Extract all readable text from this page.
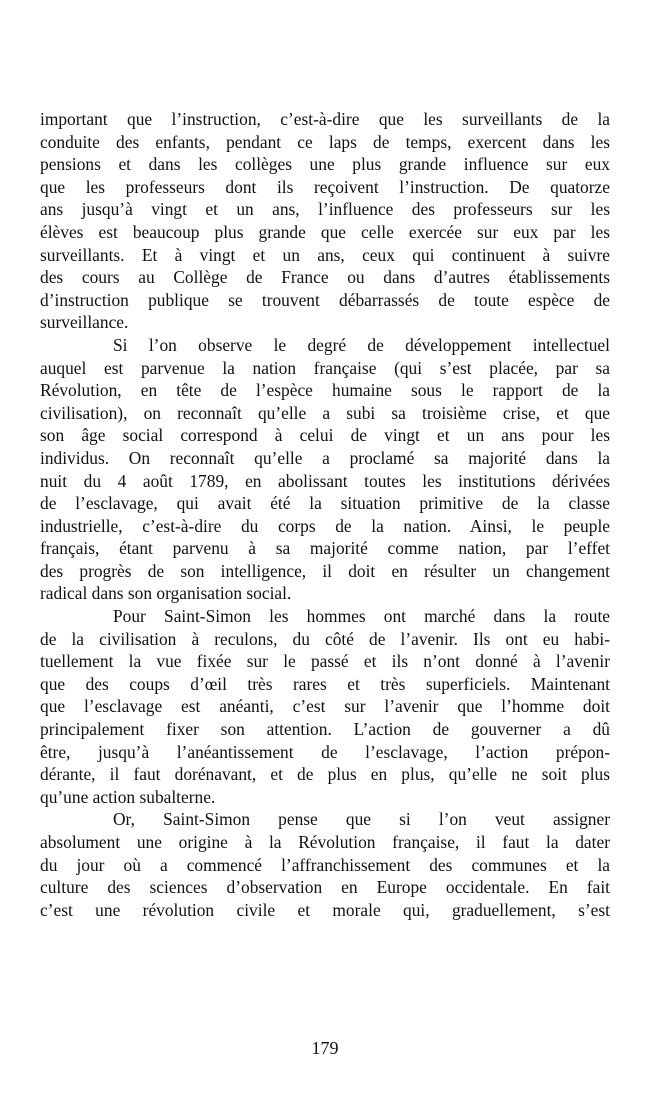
important que l’instruction, c’est-à-dire que les surveillants de la
conduite des enfants, pendant ce laps de temps, exercent dans les
pensions et dans les collèges une plus grande influence sur eux
que les professeurs dont ils reçoivent l’instruction. De quatorze
ans jusqu’à vingt et un ans, l’influence des professeurs sur les
élèves est beaucoup plus grande que celle exercée sur eux par les
surveillants. Et à vingt et un ans, ceux qui continuent à suivre
des cours au Collège de France ou dans d’autres établissements
d’instruction publique se trouvent débarrassés de toute espèce de
surveillance.
Si l’on observe le degré de développement intellectuel
auquel est parvenue la nation française (qui s’est placée, par sa
Révolution, en tête de l’espèce humaine sous le rapport de la
civilisation), on reconnaît qu’elle a subi sa troisième crise, et que
son âge social correspond à celui de vingt et un ans pour les
individus. On reconnaît qu’elle a proclamé sa majorité dans la
nuit du 4 août 1789, en abolissant toutes les institutions dérivées
de l’esclavage, qui avait été la situation primitive de la classe
industrielle, c’est-à-dire du corps de la nation. Ainsi, le peuple
français, étant parvenu à sa majorité comme nation, par l’effet
des progrès de son intelligence, il doit en résulter un changement
radical dans son organisation social.
Pour Saint-Simon les hommes ont marché dans la route
de la civilisation à reculons, du côté de l’avenir. Ils ont eu habi-
tuellement la vue fixée sur le passé et ils n’ont donné à l’avenir
que des coups d’œil très rares et très superficiels. Maintenant
que l’esclavage est anéanti, c’est sur l’avenir que l’homme doit
principalement fixer son attention. L’action de gouverner a dû
être, jusqu’à l’anéantissement de l’esclavage, l’action prépon-
dérante, il faut dorénavant, et de plus en plus, qu’elle ne soit plus
qu’une action subalterne.
Or, Saint-Simon pense que si l’on veut assigner
absolument une origine à la Révolution française, il faut la dater
du jour où a commencé l’affranchissement des communes et la
culture des sciences d’observation en Europe occidentale. En fait
c’est une révolution civile et morale qui, graduellement, s’est
179
